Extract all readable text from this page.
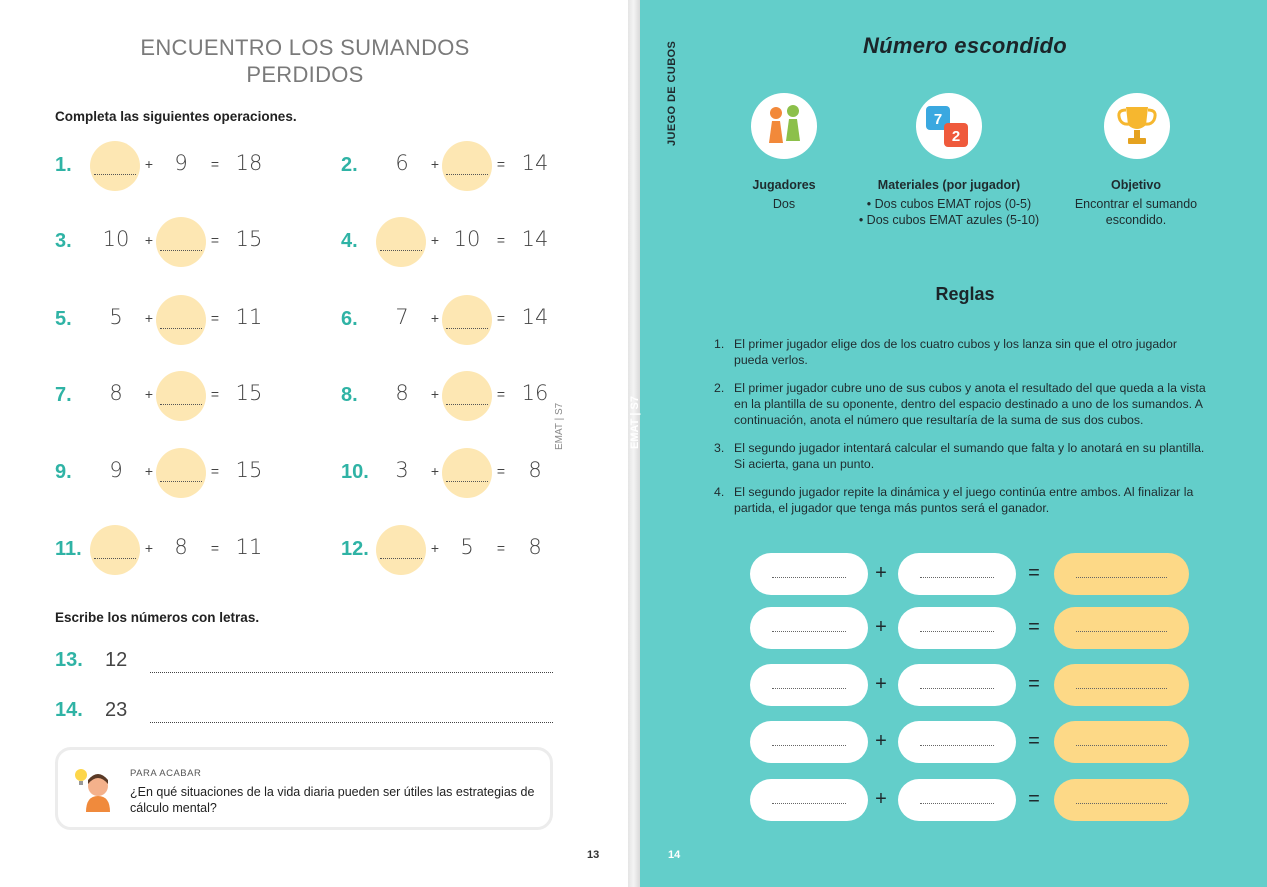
ENCUENTRO LOS SUMANDOS
PERDIDOS
Completa las siguientes operaciones.
1.	+	9	= 18	2.	6	+	= 14
3. 10	+	= 15	4.	+ 10	= 14
5.	5	+	= 11	6.	7	+	= 14
7.	8	+	= 15	8.	8	+	= 16
9.	9	+	= 15	10.	3	+	=	8
11.	+	8	= 11	12.	+	5	=	8
Escribe los números con letras.
13. 12
14. 23
PARA ACABAR
¿En qué situaciones de la vida diaria pueden ser útiles las estrategias de cálculo mental?
EMAT | S7
13
JUEGO DE CUBOS
EMAT | S7
Número escondido
7
2
Jugadores
Dos
Materiales (por jugador)
• Dos cubos EMAT rojos (0-5)
• Dos cubos EMAT azules (5-10)
Objetivo
Encontrar el sumando
escondido.
Reglas
1. El primer jugador elige dos de los cuatro cubos y los lanza sin que el otro jugador pueda verlos.
2. El primer jugador cubre uno de sus cubos y anota el resultado del que queda a la vista en la plantilla de su oponente, dentro del espacio destinado a uno de los sumandos. A continuación, anota el número que resultaría de la suma de sus dos cubos.
3. El segundo jugador intentará calcular el sumando que falta y lo anotará en su plantilla. Si acierta, gana un punto.
4. El segundo jugador repite la dinámica y el juego continúa entre ambos. Al finalizar la partida, el jugador que tenga más puntos será el ganador.
+	=
+	=
+	=
+	=
+	=
14
